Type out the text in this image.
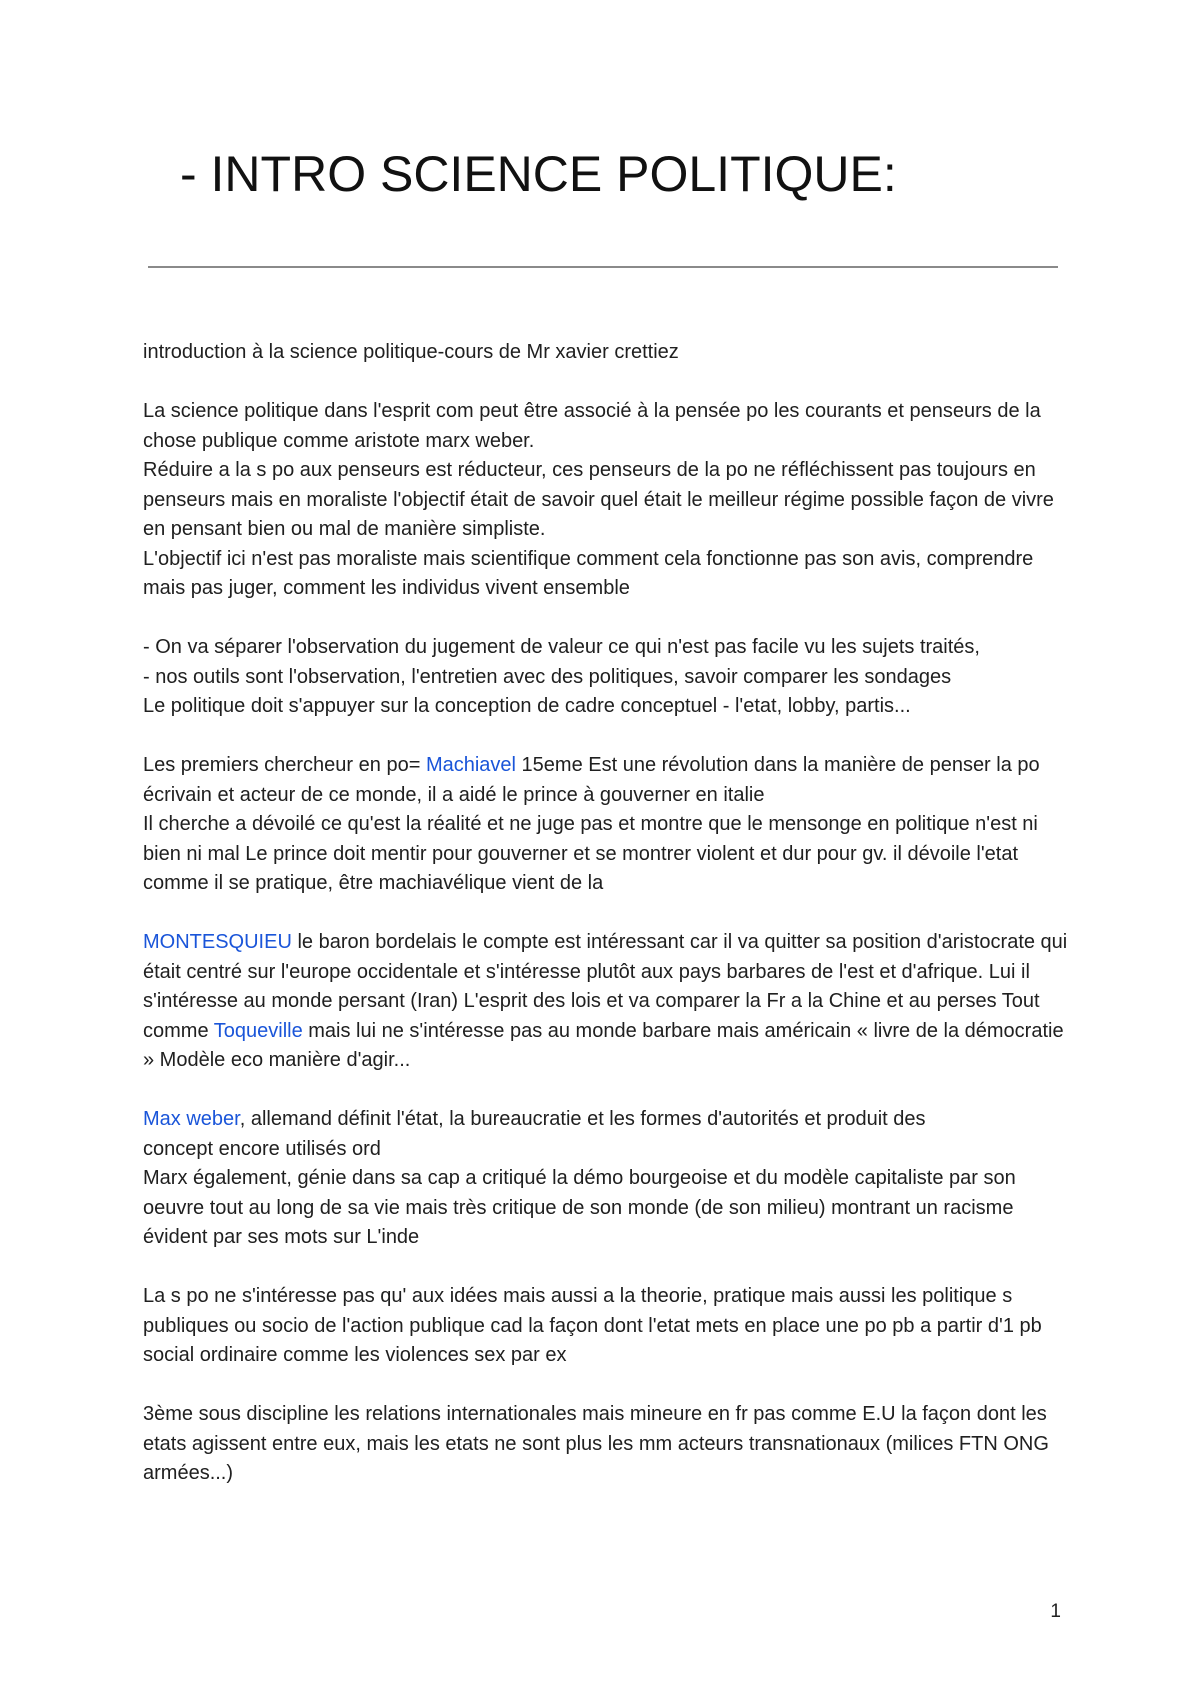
- INTRO SCIENCE POLITIQUE:

introduction à la science politique-cours de Mr xavier crettiez

La science politique dans l'esprit com peut être associé à la pensée po les courants et penseurs de la chose publique comme aristote marx weber.

Réduire a la s po aux penseurs est réducteur, ces penseurs de la po ne réfléchissent pas toujours en penseurs mais en moraliste l'objectif était de savoir quel était le meilleur régime possible façon de vivre en pensant bien ou mal de manière simpliste.

L'objectif ici n'est pas moraliste mais scientifique comment cela fonctionne pas son avis, comprendre mais pas juger, comment les individus vivent ensemble

- On va séparer l'observation du jugement de valeur ce qui n'est pas facile vu les sujets traités,

- nos outils sont l'observation, l'entretien avec des politiques, savoir comparer les sondages

Le politique doit s'appuyer sur la conception de cadre conceptuel - l'etat, lobby, partis...

Les premiers chercheur en po= Machiavel 15eme Est une révolution dans la manière de penser la po écrivain et acteur de ce monde, il a aidé le prince à gouverner en italie

Il cherche a dévoilé ce qu'est la réalité et ne juge pas et montre que le mensonge en politique n'est ni bien ni mal Le prince doit mentir pour gouverner et se montrer violent et dur pour gv. il dévoile l'etat comme il se pratique, être machiavélique vient de la

MONTESQUIEU le baron bordelais le compte est intéressant car il va quitter sa position d'aristocrate qui était centré sur l'europe occidentale et s'intéresse plutôt aux pays barbares de l'est et d'afrique. Lui il s'intéresse au monde persant (Iran) L'esprit des lois et va comparer la Fr a la Chine et au perses Tout comme Toqueville mais lui ne s'intéresse pas au monde barbare mais américain « livre de la démocratie » Modèle eco manière d'agir...

Max weber, allemand définit l'état, la bureaucratie et les formes d'autorités et produit des

concept encore utilisés ord

Marx également, génie dans sa cap a critiqué la démo bourgeoise et du modèle capitaliste par son oeuvre tout au long de sa vie mais très critique de son monde (de son milieu) montrant un racisme évident par ses mots sur L'inde

La s po ne s'intéresse pas qu' aux idées mais aussi a la theorie, pratique mais aussi les politique s publiques ou socio de l'action publique cad la façon dont l'etat mets en place une po pb a partir d'1 pb social ordinaire comme les violences sex par ex

3ème sous discipline les relations internationales mais mineure en fr pas comme E.U la façon dont les etats agissent entre eux, mais les etats ne sont plus les mm acteurs transnationaux (milices FTN ONG armées...)

1
